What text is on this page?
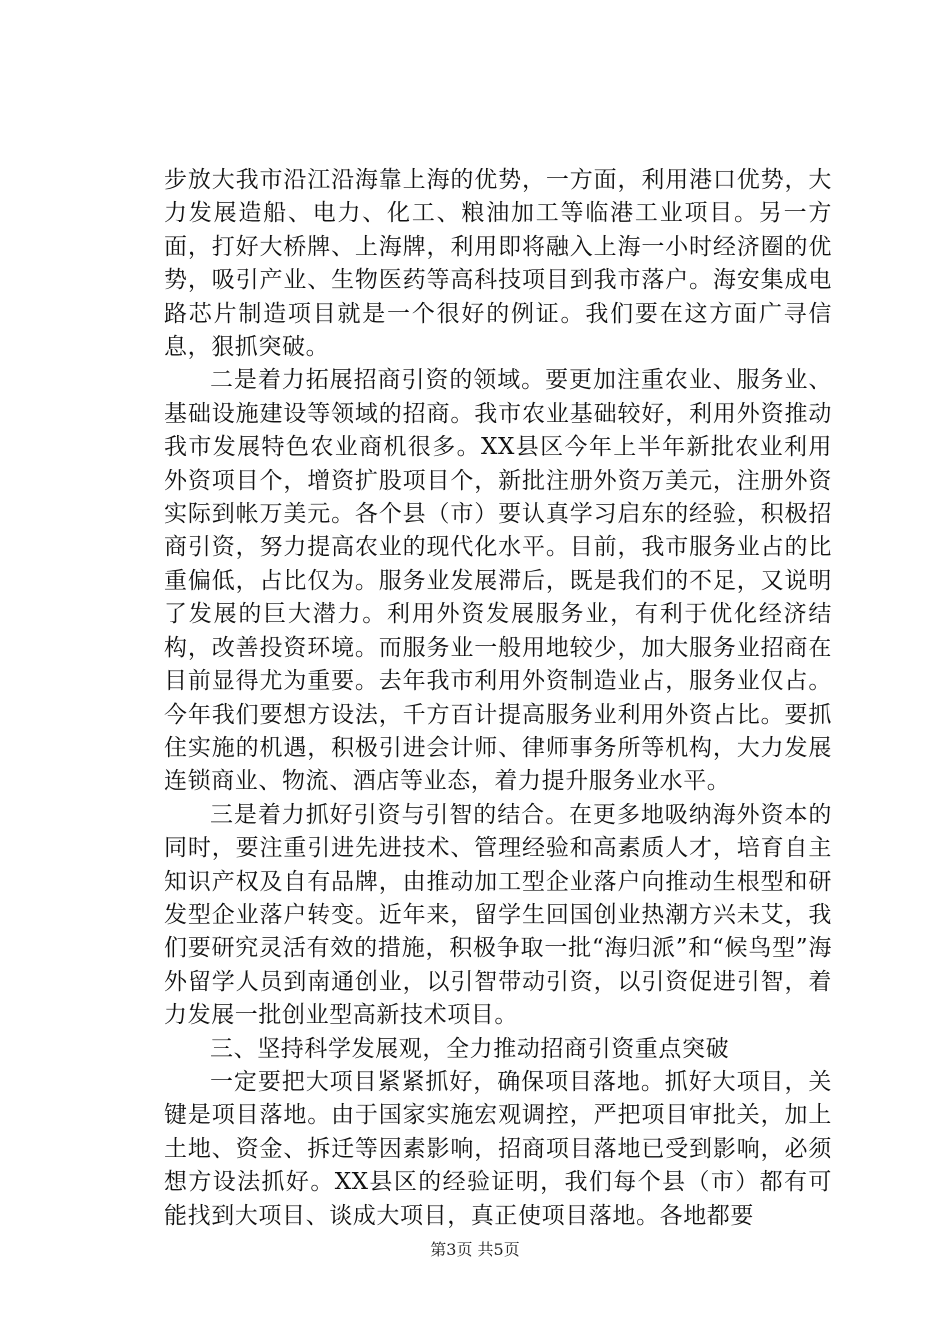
步放大我市沿江沿海靠上海的优势，一方面，利用港口优势，大力发展造船、电力、化工、粮油加工等临港工业项目。另一方面，打好大桥牌、上海牌，利用即将融入上海一小时经济圈的优势，吸引产业、生物医药等高科技项目到我市落户。海安集成电路芯片制造项目就是一个很好的例证。我们要在这方面广寻信息，狠抓突破。

二是着力拓展招商引资的领域。要更加注重农业、服务业、基础设施建设等领域的招商。我市农业基础较好，利用外资推动我市发展特色农业商机很多。XX县区今年上半年新批农业利用外资项目个，增资扩股项目个，新批注册外资万美元，注册外资实际到帐万美元。各个县（市）要认真学习启东的经验，积极招商引资，努力提高农业的现代化水平。目前，我市服务业占的比重偏低，占比仅为。服务业发展滞后，既是我们的不足，又说明了发展的巨大潜力。利用外资发展服务业，有利于优化经济结构，改善投资环境。而服务业一般用地较少，加大服务业招商在目前显得尤为重要。去年我市利用外资制造业占，服务业仅占。今年我们要想方设法，千方百计提高服务业利用外资占比。要抓住实施的机遇，积极引进会计师、律师事务所等机构，大力发展连锁商业、物流、酒店等业态，着力提升服务业水平。

三是着力抓好引资与引智的结合。在更多地吸纳海外资本的同时，要注重引进先进技术、管理经验和高素质人才，培育自主知识产权及自有品牌，由推动加工型企业落户向推动生根型和研发型企业落户转变。近年来，留学生回国创业热潮方兴未艾，我们要研究灵活有效的措施，积极争取一批“海归派”和“候鸟型”海外留学人员到南通创业，以引智带动引资，以引资促进引智，着力发展一批创业型高新技术项目。

三、坚持科学发展观，全力推动招商引资重点突破

一定要把大项目紧紧抓好，确保项目落地。抓好大项目，关键是项目落地。由于国家实施宏观调控，严把项目审批关，加上土地、资金、拆迁等因素影响，招商项目落地已受到影响，必须想方设法抓好。XX县区的经验证明，我们每个县（市）都有可能找到大项目、谈成大项目，真正使项目落地。各地都要

第3页 共5页
